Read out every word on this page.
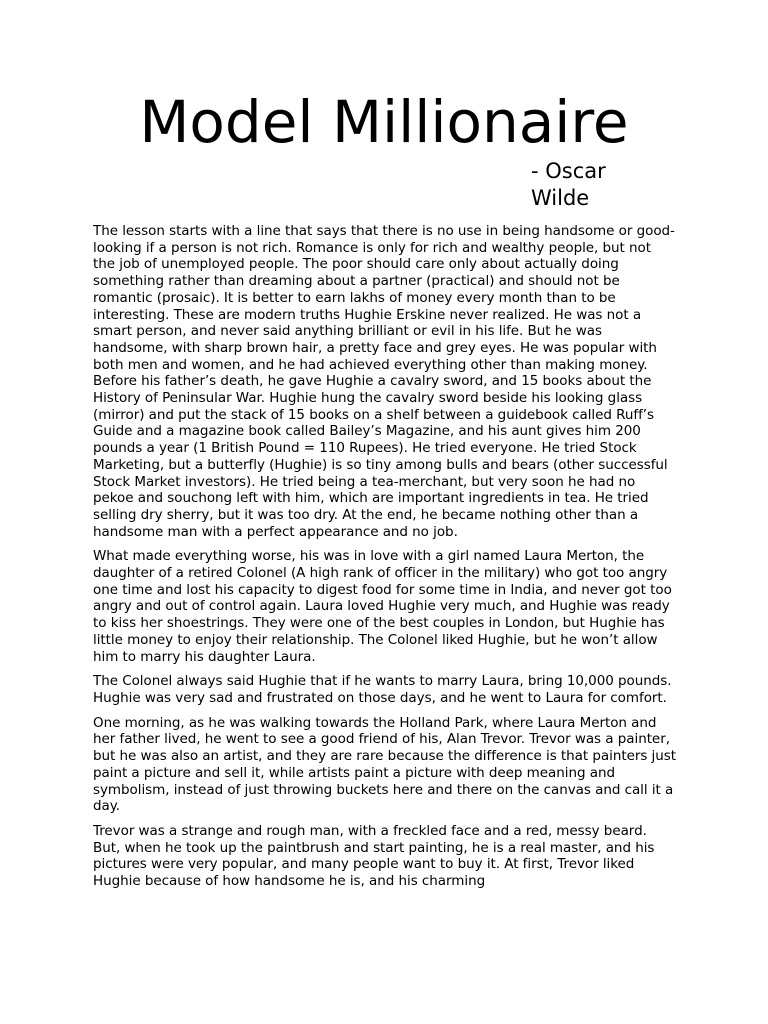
Model Millionaire

- Oscar Wilde

The lesson starts with a line that says that there is no use in being handsome or good-looking if a person is not rich. Romance is only for rich and wealthy people, but not the job of unemployed people. The poor should care only about actually doing something rather than dreaming about a partner (practical) and should not be romantic (prosaic). It is better to earn lakhs of money every month than to be interesting. These are modern truths Hughie Erskine never realized. He was not a smart person, and never said anything brilliant or evil in his life. But he was handsome, with sharp brown hair, a pretty face and grey eyes. He was popular with both men and women, and he had achieved everything other than making money. Before his father’s death, he gave Hughie a cavalry sword, and 15 books about the History of Peninsular War. Hughie hung the cavalry sword beside his looking glass (mirror) and put the stack of 15 books on a shelf between a guidebook called Ruff’s Guide and a magazine book called Bailey’s Magazine, and his aunt gives him 200 pounds a year (1 British Pound = 110 Rupees). He tried everyone. He tried Stock Marketing, but a butterfly (Hughie) is so tiny among bulls and bears (other successful Stock Market investors). He tried being a tea-merchant, but very soon he had no pekoe and souchong left with him, which are important ingredients in tea. He tried selling dry sherry, but it was too dry. At the end, he became nothing other than a handsome man with a perfect appearance and no job.

What made everything worse, his was in love with a girl named Laura Merton, the daughter of a retired Colonel (A high rank of officer in the military) who got too angry one time and lost his capacity to digest food for some time in India, and never got too angry and out of control again. Laura loved Hughie very much, and Hughie was ready to kiss her shoestrings. They were one of the best couples in London, but Hughie has little money to enjoy their relationship. The Colonel liked Hughie, but he won’t allow him to marry his daughter Laura.

The Colonel always said Hughie that if he wants to marry Laura, bring 10,000 pounds. Hughie was very sad and frustrated on those days, and he went to Laura for comfort.

One morning, as he was walking towards the Holland Park, where Laura Merton and her father lived, he went to see a good friend of his, Alan Trevor. Trevor was a painter, but he was also an artist, and they are rare because the difference is that painters just paint a picture and sell it, while artists paint a picture with deep meaning and symbolism, instead of just throwing buckets here and there on the canvas and call it a day.

Trevor was a strange and rough man, with a freckled face and a red, messy beard. But, when he took up the paintbrush and start painting, he is a real master, and his pictures were very popular, and many people want to buy it. At first, Trevor liked Hughie because of how handsome he is, and his charming
